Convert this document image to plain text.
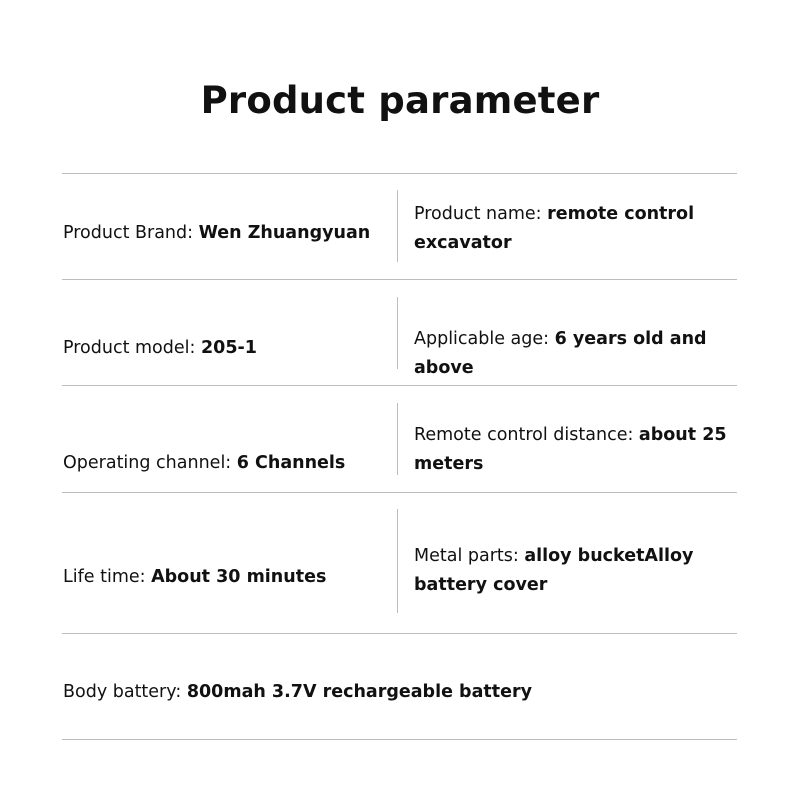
Product parameter
Product Brand: Wen Zhuangyuan
Product name: remote control excavator
Product model: 205-1	Applicable age: 6 years old and above
Operating channel: 6 Channels
Remote control distance: about 25 meters
Life time: About 30 minutes
Metal parts: alloy bucketAlloy battery cover
Body battery: 800mah 3.7V rechargeable battery
